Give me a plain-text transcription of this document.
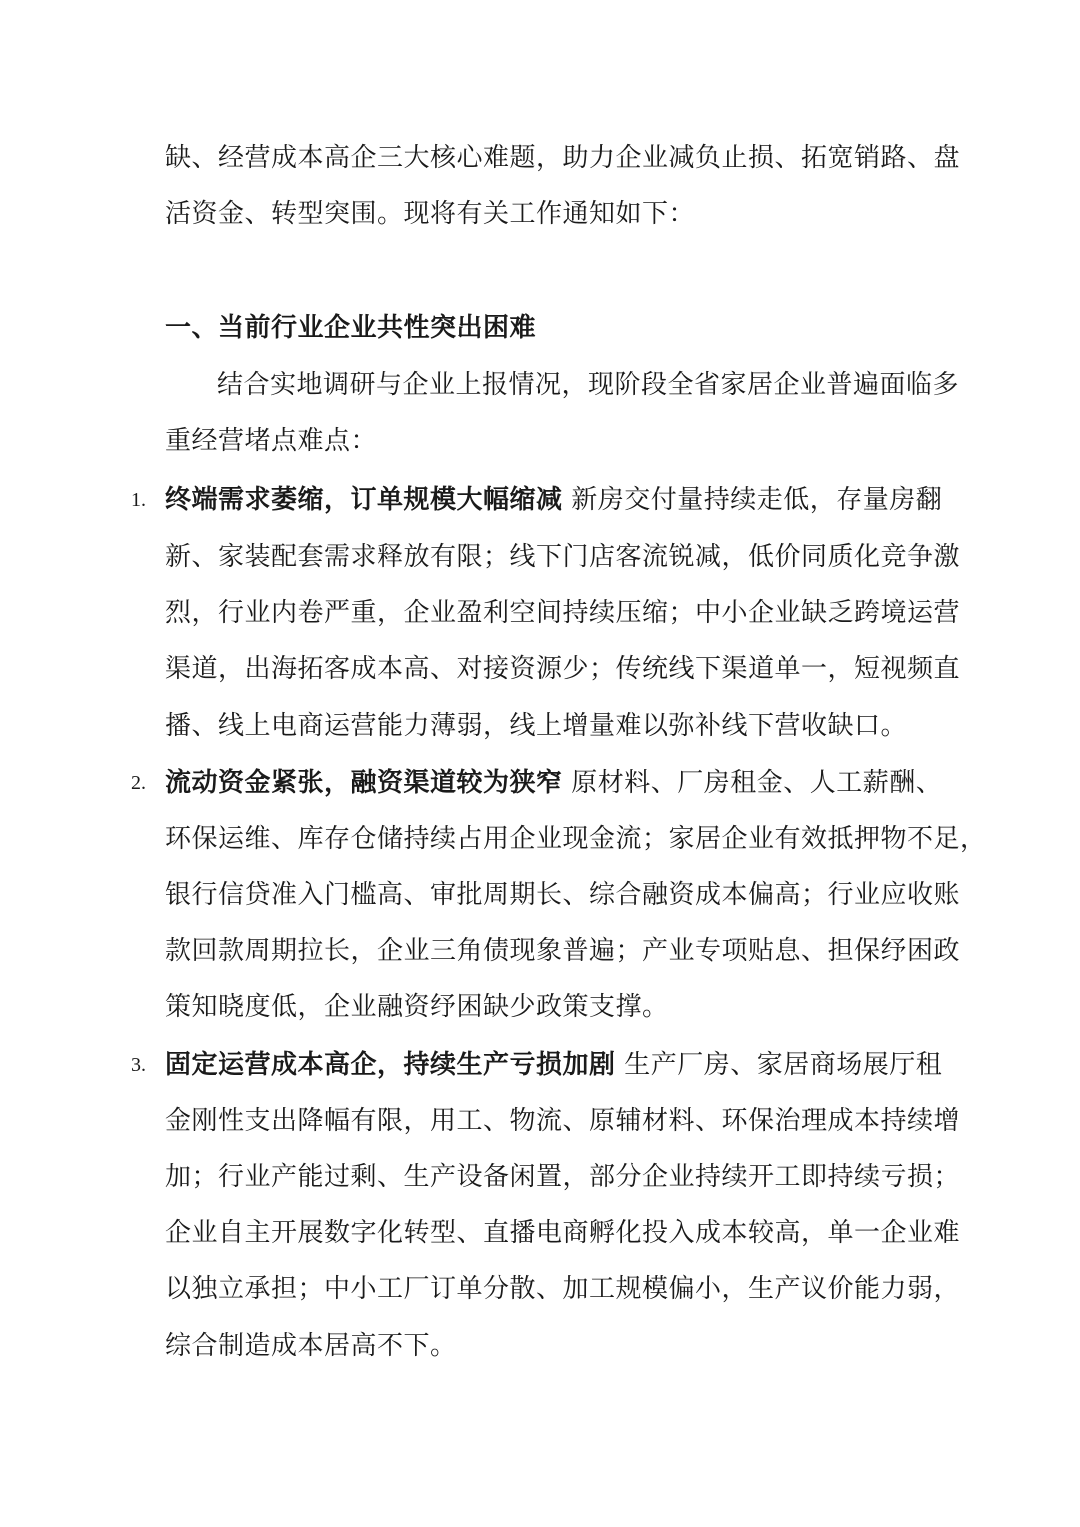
缺、经营成本高企三大核心难题，助力企业减负止损、拓宽销路、盘
活资金、转型突围。现将有关工作通知如下：
一、当前行业企业共性突出困难
结合实地调研与企业上报情况，现阶段全省家居企业普遍面临多
重经营堵点难点：
1. 终端需求萎缩，订单规模大幅缩减 新房交付量持续走低，存量房翻
新、家装配套需求释放有限；线下门店客流锐减，低价同质化竞争激
烈，行业内卷严重，企业盈利空间持续压缩；中小企业缺乏跨境运营
渠道，出海拓客成本高、对接资源少；传统线下渠道单一，短视频直
播、线上电商运营能力薄弱，线上增量难以弥补线下营收缺口。
2. 流动资金紧张，融资渠道较为狭窄 原材料、厂房租金、人工薪酬、
环保运维、库存仓储持续占用企业现金流；家居企业有效抵押物不足，
银行信贷准入门槛高、审批周期长、综合融资成本偏高；行业应收账
款回款周期拉长，企业三角债现象普遍；产业专项贴息、担保纾困政
策知晓度低，企业融资纾困缺少政策支撑。
3. 固定运营成本高企，持续生产亏损加剧 生产厂房、家居商场展厅租
金刚性支出降幅有限，用工、物流、原辅材料、环保治理成本持续增
加；行业产能过剩、生产设备闲置，部分企业持续开工即持续亏损；
企业自主开展数字化转型、直播电商孵化投入成本较高，单一企业难
以独立承担；中小工厂订单分散、加工规模偏小，生产议价能力弱，
综合制造成本居高不下。
